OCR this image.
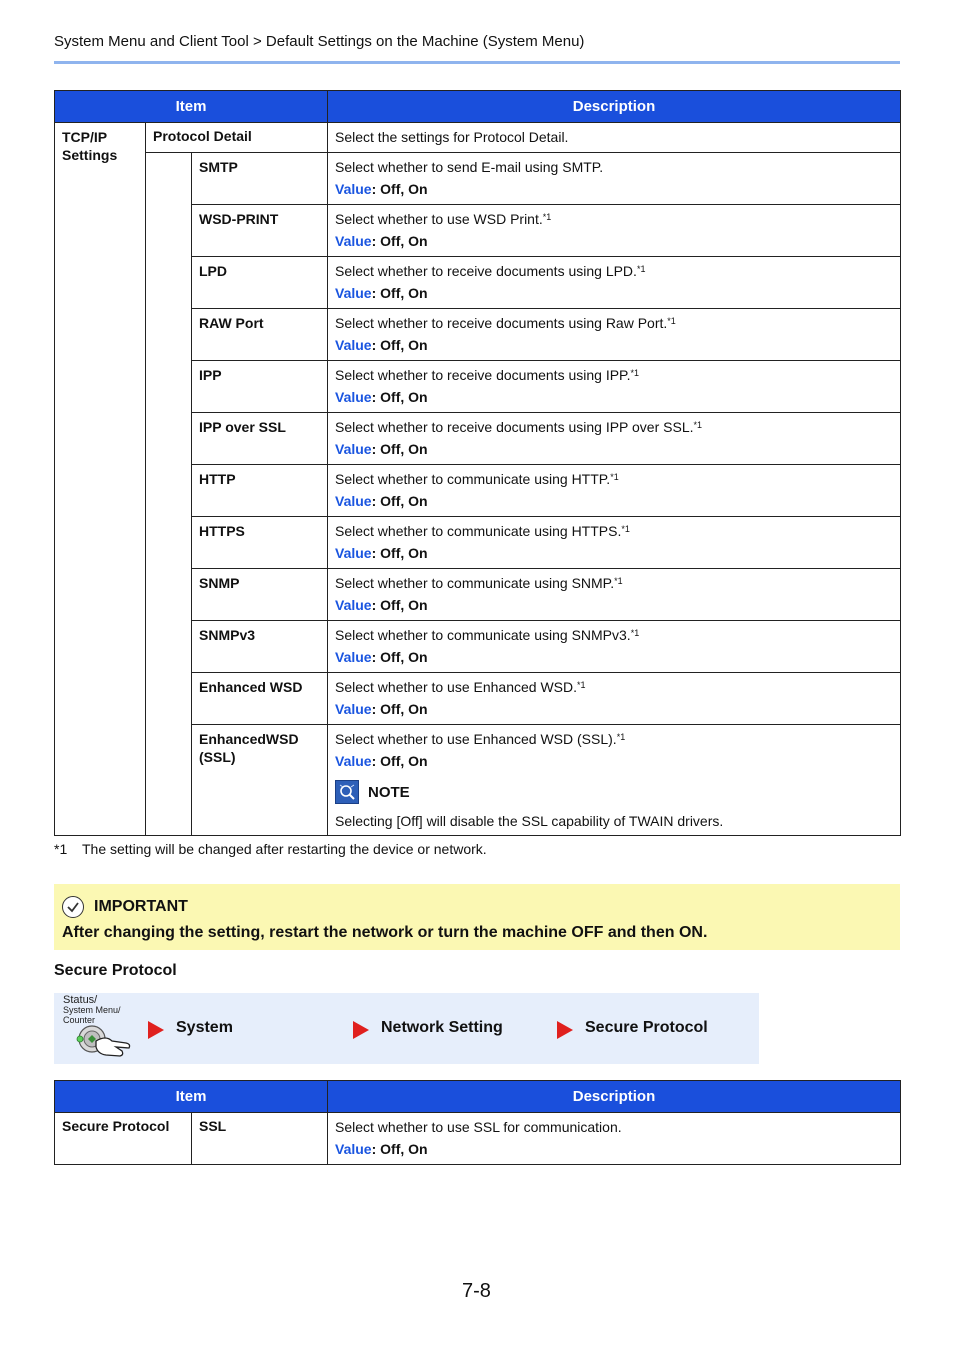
System Menu and Client Tool > Default Settings on the Machine (System Menu)
Item			Description

TCP/IP Settings	Protocol Detail		Select the settings for Protocol Detail.

		SMTP	Select whether to send E-mail using SMTP.
Value: Off, On

		WSD-PRINT	Select whether to use WSD Print.$^{*1}$
Value: Off, On

		LPD	Select whether to receive documents using LPD.$^{*1}$
Value: Off, On

		RAW Port	Select whether to receive documents using Raw Port.$^{*1}$
Value: Off, On

		IPP	Select whether to receive documents using IPP.$^{*1}$
Value: Off, On

		IPP over SSL	Select whether to receive documents using IPP over SSL.$^{*1}$
Value: Off, On

		HTTP	Select whether to communicate using HTTP.$^{*1}$
Value: Off, On

		HTTPS	Select whether to communicate using HTTPS.$^{*1}$
Value: Off, On

		SNMP	Select whether to communicate using SNMP.$^{*1}$
Value: Off, On

		SNMPv3	Select whether to communicate using SNMPv3.$^{*1}$
Value: Off, On

		Enhanced WSD	Select whether to use Enhanced WSD.$^{*1}$
Value: Off, On

		EnhancedWSD (SSL)	Select whether to use Enhanced WSD (SSL).$^{*1}$
Value: Off, On
NOTE
Selecting [Off] will disable the SSL capability of TWAIN drivers.
*1 The setting will be changed after restarting the device or network.
IMPORTANT
After changing the setting, restart the network or turn the machine OFF and then ON.
Secure Protocol
Status/
System Menu/
Counter	System	Network Setting	Secure Protocol
Item		Description
Secure Protocol	SSL	Select whether to use SSL for communication.
Value: Off, On
7-8
